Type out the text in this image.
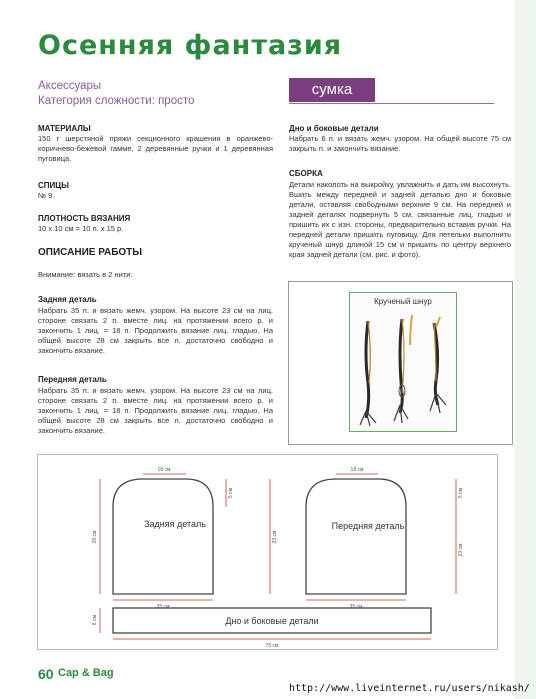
Осенняя фантазия
Аксессуары
Категория сложности: просто
сумка
МАТЕРИАЛЫ
150 г шерстяной пряжи секционного крашения в оранжево-коричнево-бежевой гамме, 2 деревянные ручки и 1 деревянная пуговица.
СПИЦЫ
№ 9.
ПЛОТНОСТЬ ВЯЗАНИЯ
10 х 10 см = 10 п. х 15 р.
ОПИСАНИЕ РАБОТЫ
Внимание: вязать в 2 нити.
Задняя деталь
Набрать 35 п. и вязать жемч. узором. На высоте 23 см на лиц. стороне связать 2 п. вместе лиц. на протяжении всего р. и закончить 1 лиц. = 18 п. Продолжить вязание лиц. гладью. На общей высоте 28 см закрыть все п. достаточно свободно и закончить вязание.
Передняя деталь
Набрать 35 п. и вязать жемч. узором. На высоте 23 см на лиц. стороне связать 2 п. вместе лиц. на протяжении всего р. и закончить 1 лиц. = 18 п. Продолжить вязание лиц. гладью. На общей высоте 28 см закрыть все п. достаточно свободно и закончить вязание.
Дно и боковые детали
Набрать 6 п. и вязать жемч. узором. На общей высоте 75 см закрыть п. и закончить вязание.
СБОРКА
Детали наколоть на выкройку, увлажнить и дать им высохнуть. Вшить между передней и задней деталью дно и боковые детали, оставляя свободными верхние 9 см. На передней и задней деталях подвернуть 5 см, связанные лиц. гладью и пришить их с изн. стороны, предварительно вставив ручки. На передней детали пришить пуговицу. Для петельки выполнить крученый шнур длиной 15 см и пришить по центру верхнего края задней детали (см. рис. и фото).
Крученый шнур
18 см
35 см
28 см	23 см
5 см
18 см
35 см
5 см
23 см
6 см
75 см
Задняя деталь	Передняя деталь
Дно и боковые детали
60 Cap & Bag
http://www.liveinternet.ru/users/nikash/
